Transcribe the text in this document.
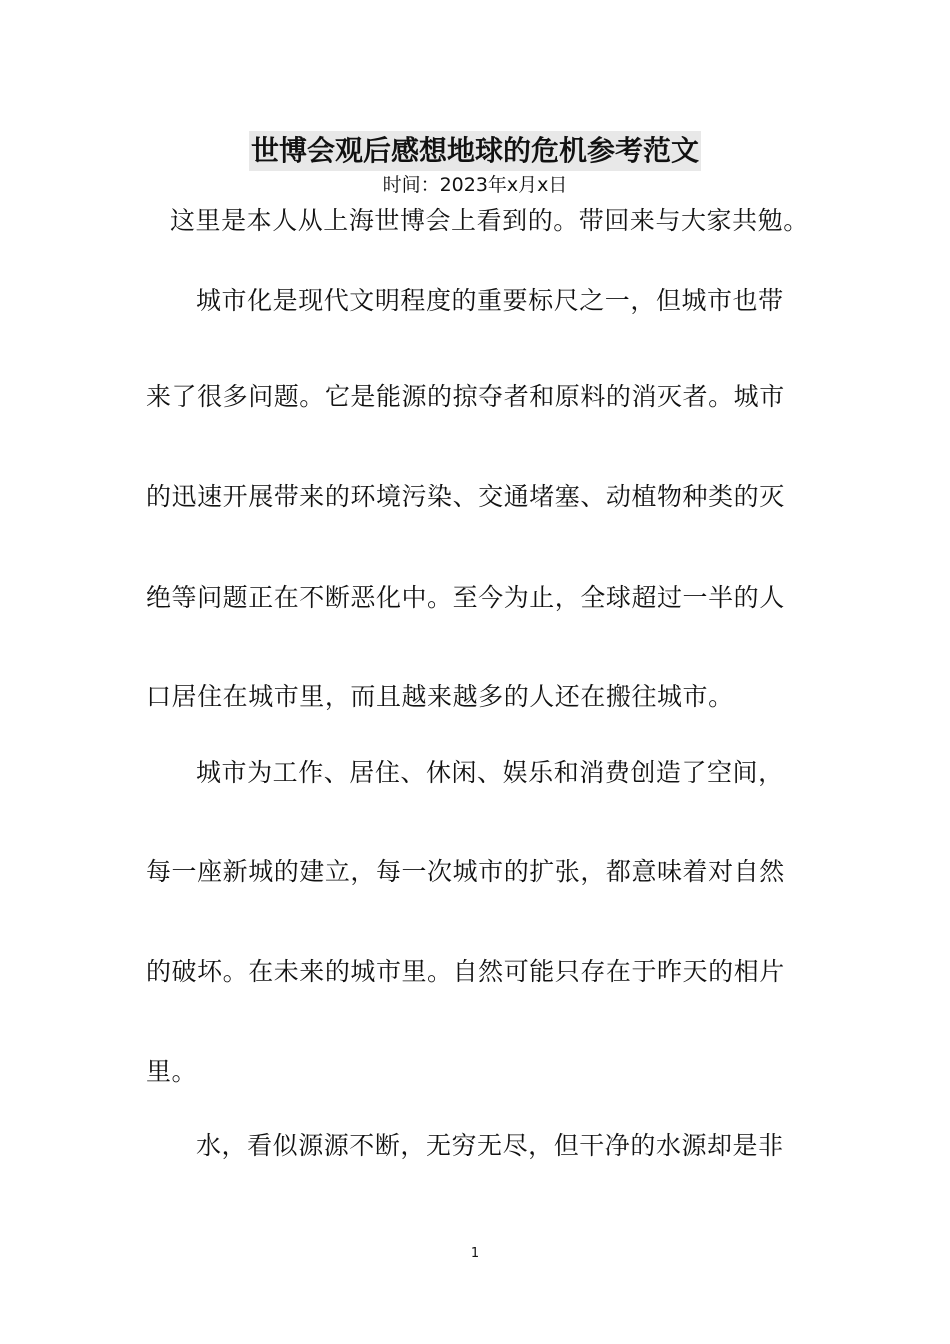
世博会观后感想地球的危机参考范文
时间：2023年x月x日
这里是本人从上海世博会上看到的。带回来与大家共勉。
城市化是现代文明程度的重要标尺之一，但城市也带
来了很多问题。它是能源的掠夺者和原料的消灭者。城市
的迅速开展带来的环境污染、交通堵塞、动植物种类的灭
绝等问题正在不断恶化中。至今为止，全球超过一半的人
口居住在城市里，而且越来越多的人还在搬往城市。
城市为工作、居住、休闲、娱乐和消费创造了空间，
每一座新城的建立，每一次城市的扩张，都意味着对自然
的破坏。在未来的城市里。自然可能只存在于昨天的相片
里。
水，看似源源不断，无穷无尽，但干净的水源却是非
1
